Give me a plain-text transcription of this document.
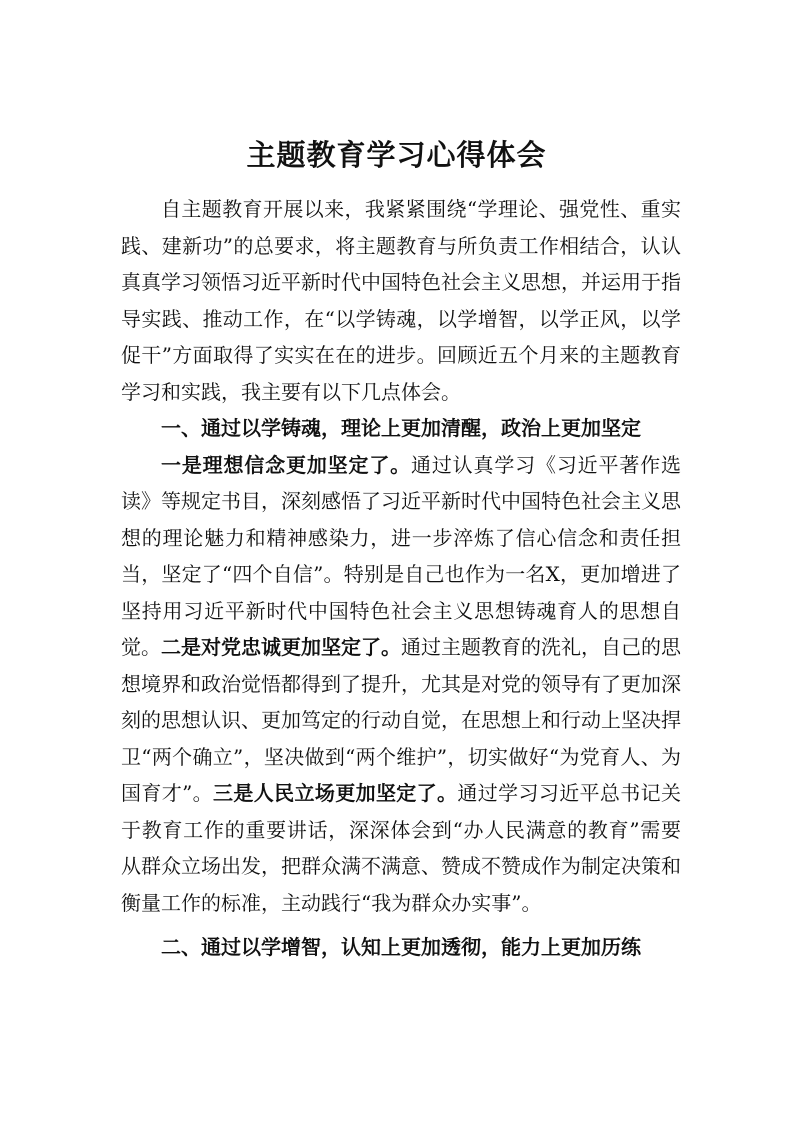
主题教育学习心得体会

自主题教育开展以来，我紧紧围绕“学理论、强党性、重实践、建新功”的总要求，将主题教育与所负责工作相结合，认认真真学习领悟习近平新时代中国特色社会主义思想，并运用于指导实践、推动工作，在“以学铸魂，以学增智，以学正风，以学促干”方面取得了实实在在的进步。回顾近五个月来的主题教育学习和实践，我主要有以下几点体会。

一、通过以学铸魂，理论上更加清醒，政治上更加坚定

一是理想信念更加坚定了。通过认真学习《习近平著作选读》等规定书目，深刻感悟了习近平新时代中国特色社会主义思想的理论魅力和精神感染力，进一步淬炼了信心信念和责任担当，坚定了“四个自信”。特别是自己也作为一名X，更加增进了坚持用习近平新时代中国特色社会主义思想铸魂育人的思想自觉。二是对党忠诚更加坚定了。通过主题教育的洗礼，自己的思想境界和政治觉悟都得到了提升，尤其是对党的领导有了更加深刻的思想认识、更加笃定的行动自觉，在思想上和行动上坚决捍卫“两个确立”，坚决做到“两个维护”，切实做好“为党育人、为国育才”。三是人民立场更加坚定了。通过学习习近平总书记关于教育工作的重要讲话，深深体会到“办人民满意的教育”需要从群众立场出发，把群众满不满意、赞成不赞成作为制定决策和衡量工作的标准，主动践行“我为群众办实事”。

二、通过以学增智，认知上更加透彻，能力上更加历练
